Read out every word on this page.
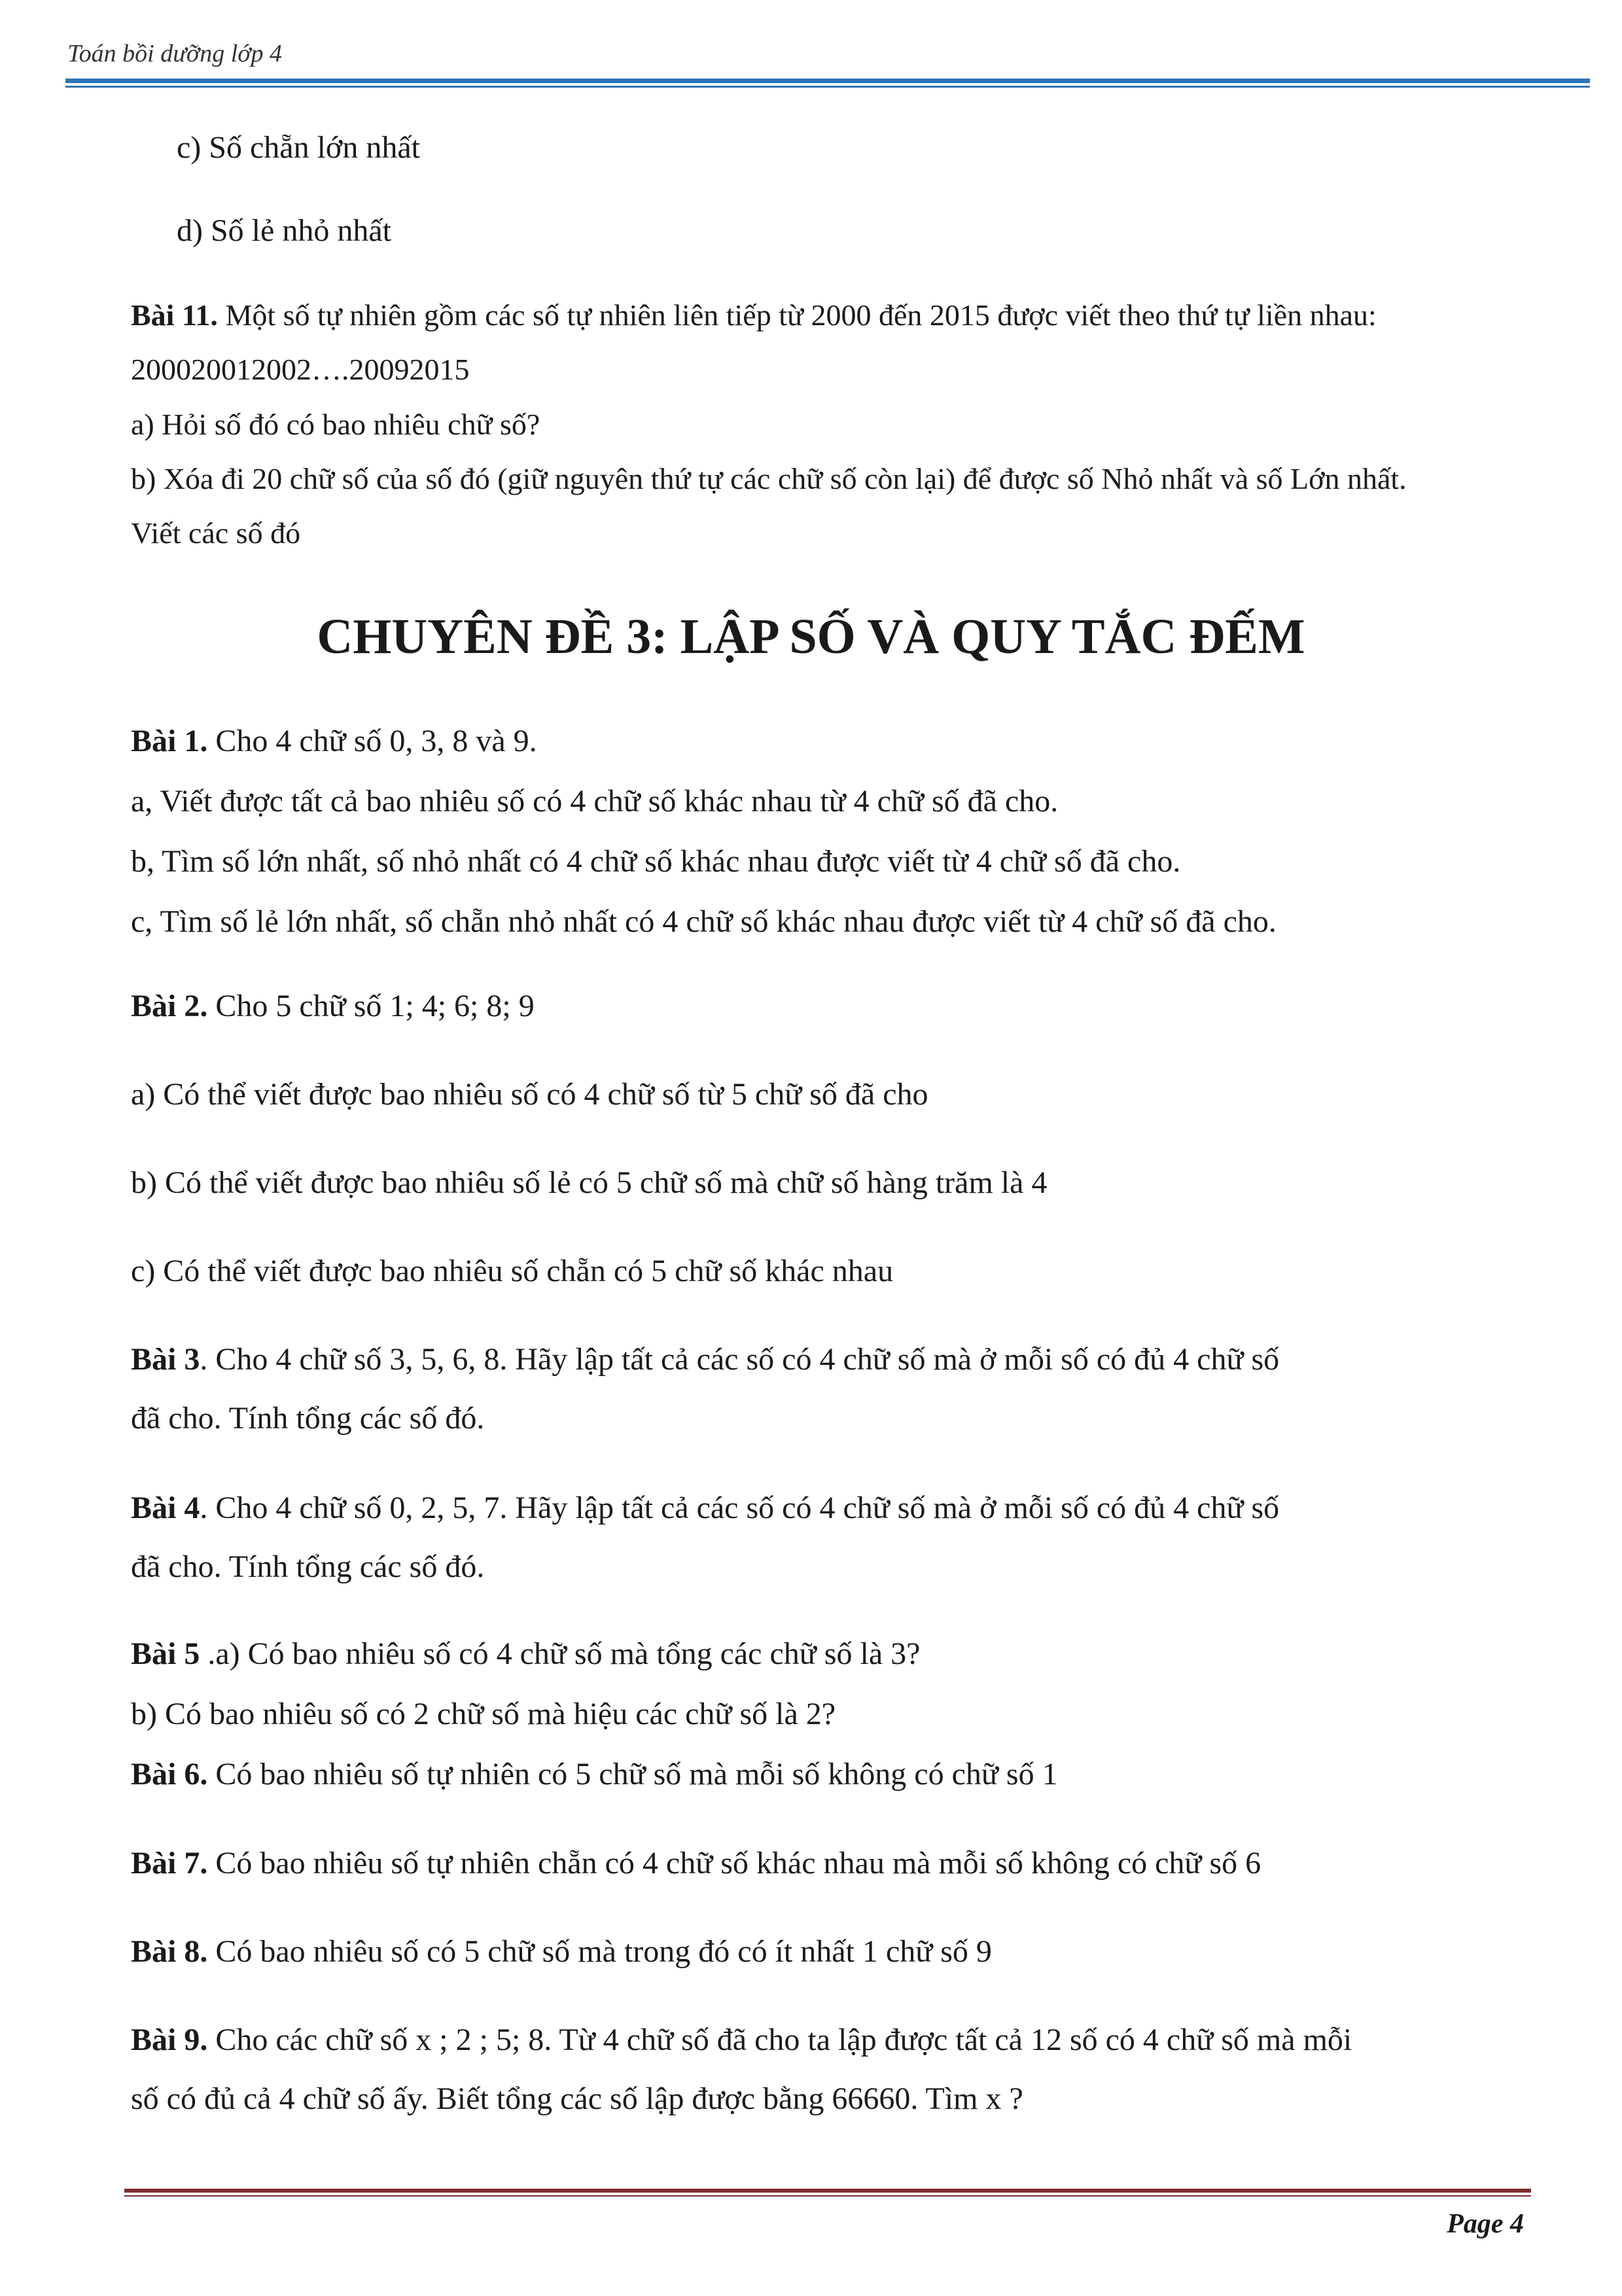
Toán bồi dưỡng lớp 4
c) Số chẵn lớn nhất
d) Số lẻ nhỏ nhất
Bài 11. Một số tự nhiên gồm các số tự nhiên liên tiếp từ 2000 đến 2015 được viết theo thứ tự liền nhau:
200020012002….20092015
a) Hỏi số đó có bao nhiêu chữ số?
b) Xóa đi 20 chữ số của số đó (giữ nguyên thứ tự các chữ số còn lại) để được số Nhỏ nhất và số Lớn nhất.
Viết các số đó
CHUYÊN ĐỀ 3: LẬP SỐ VÀ QUY TẮC ĐẾM
Bài 1. Cho 4 chữ số 0, 3, 8 và 9.
a, Viết được tất cả bao nhiêu số có 4 chữ số khác nhau từ 4 chữ số đã cho.
b, Tìm số lớn nhất, số nhỏ nhất có 4 chữ số khác nhau được viết từ 4 chữ số đã cho.
c, Tìm số lẻ lớn nhất, số chẵn nhỏ nhất có 4 chữ số khác nhau được viết từ 4 chữ số đã cho.
Bài 2. Cho 5 chữ số 1; 4; 6; 8; 9
a) Có thể viết được bao nhiêu số có 4 chữ số từ 5 chữ số đã cho
b) Có thể viết được bao nhiêu số lẻ có 5 chữ số mà chữ số hàng trăm là 4
c) Có thể viết được bao nhiêu số chẵn có 5 chữ số khác nhau
Bài 3. Cho 4 chữ số 3, 5, 6, 8. Hãy lập tất cả các số có 4 chữ số mà ở mỗi số có đủ 4 chữ số
đã cho. Tính tổng các số đó.
Bài 4. Cho 4 chữ số 0, 2, 5, 7. Hãy lập tất cả các số có 4 chữ số mà ở mỗi số có đủ 4 chữ số
đã cho. Tính tổng các số đó.
Bài 5 .a) Có bao nhiêu số có 4 chữ số mà tổng các chữ số là 3?
b) Có bao nhiêu số có 2 chữ số mà hiệu các chữ số là 2?
Bài 6. Có bao nhiêu số tự nhiên có 5 chữ số mà mỗi số không có chữ số 1
Bài 7. Có bao nhiêu số tự nhiên chẵn có 4 chữ số khác nhau mà mỗi số không có chữ số 6
Bài 8. Có bao nhiêu số có 5 chữ số mà trong đó có ít nhất 1 chữ số 9
Bài 9. Cho các chữ số x ; 2 ; 5; 8. Từ 4 chữ số đã cho ta lập được tất cả 12 số có 4 chữ số mà mỗi
số có đủ cả 4 chữ số ấy. Biết tổng các số lập được bằng 66660. Tìm x ?
Page 4
